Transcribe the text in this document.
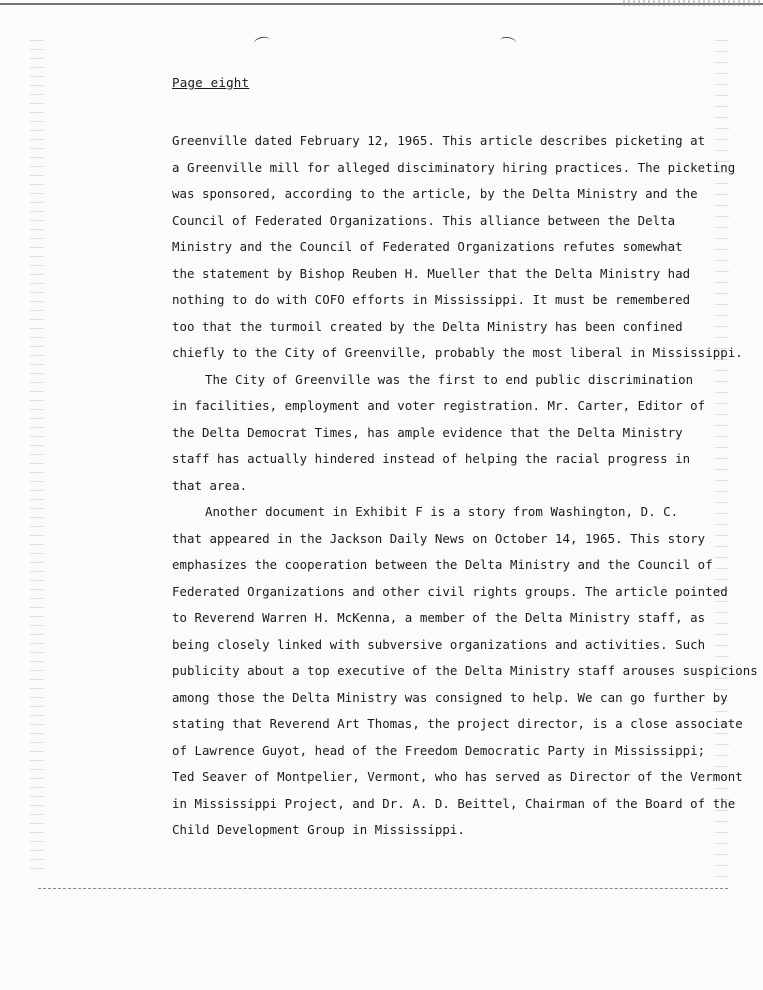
Page eight
Greenville dated February 12, 1965. This article describes picketing at
a Greenville mill for alleged disciminatory hiring practices. The picketing
was sponsored, according to the article, by the Delta Ministry and the
Council of Federated Organizations. This alliance between the Delta
Ministry and the Council of Federated Organizations refutes somewhat
the statement by Bishop Reuben H. Mueller that the Delta Ministry had
nothing to do with COFO efforts in Mississippi. It must be remembered
too that the turmoil created by the Delta Ministry has been confined
chiefly to the City of Greenville, probably the most liberal in Mississippi.
The City of Greenville was the first to end public discrimination
in facilities, employment and voter registration. Mr. Carter, Editor of
the Delta Democrat Times, has ample evidence that the Delta Ministry
staff has actually hindered instead of helping the racial progress in
that area.
Another document in Exhibit F is a story from Washington, D. C.
that appeared in the Jackson Daily News on October 14, 1965. This story
emphasizes the cooperation between the Delta Ministry and the Council of
Federated Organizations and other civil rights groups. The article pointed
to Reverend Warren H. McKenna, a member of the Delta Ministry staff, as
being closely linked with subversive organizations and activities. Such
publicity about a top executive of the Delta Ministry staff arouses suspicions
among those the Delta Ministry was consigned to help. We can go further by
stating that Reverend Art Thomas, the project director, is a close associate
of Lawrence Guyot, head of the Freedom Democratic Party in Mississippi;
Ted Seaver of Montpelier, Vermont, who has served as Director of the Vermont
in Mississippi Project, and Dr. A. D. Beittel, Chairman of the Board of the
Child Development Group in Mississippi.
